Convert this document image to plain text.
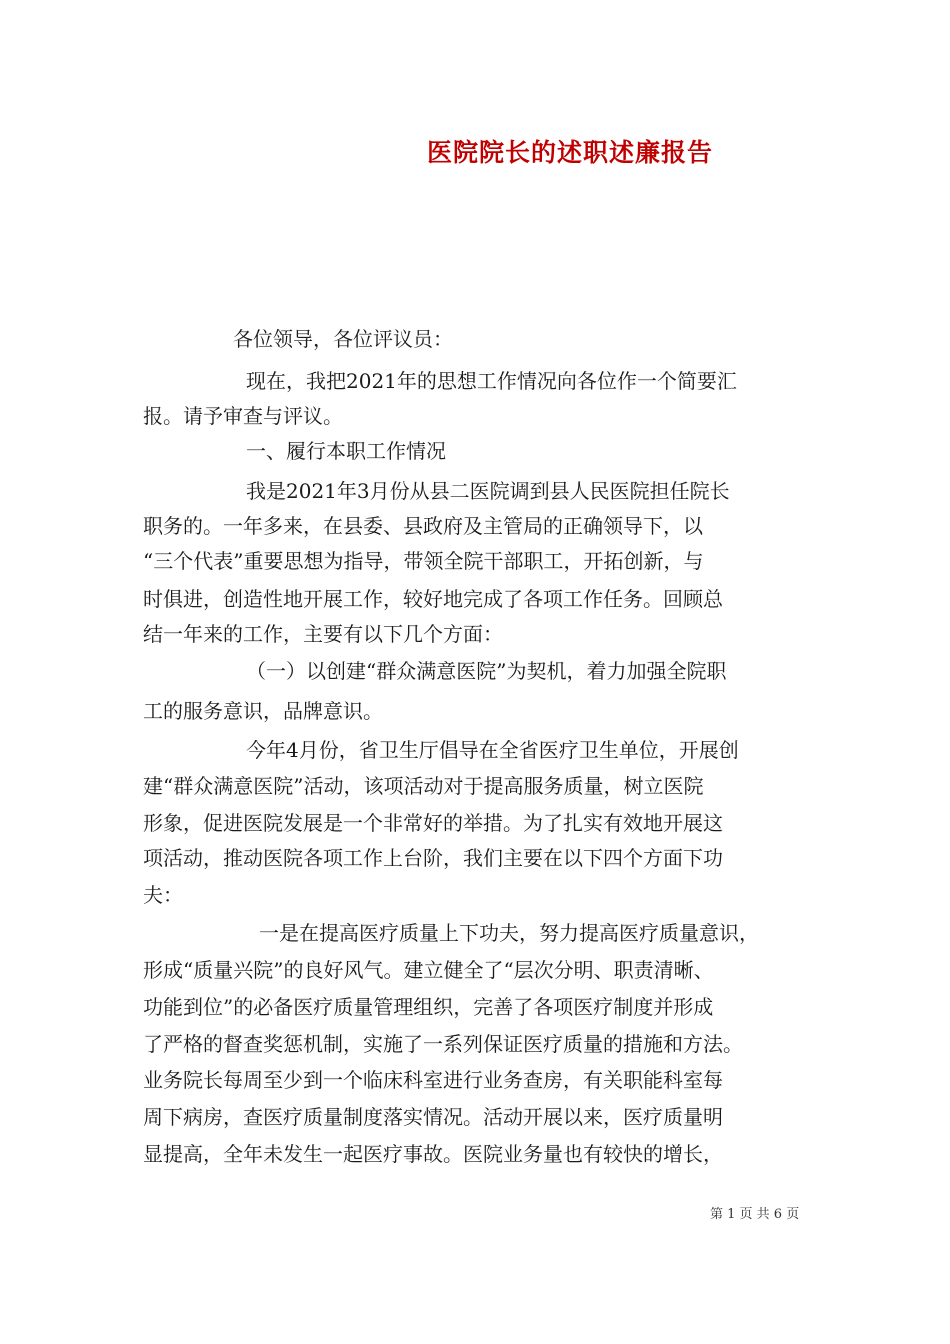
医院院长的述职述廉报告
各位领导，各位评议员：
现在，我把2021年的思想工作情况向各位作一个简要汇
报。请予审查与评议。
一、履行本职工作情况
我是2021年3月份从县二医院调到县人民医院担任院长
职务的。一年多来，在县委、县政府及主管局的正确领导下，以
“三个代表”重要思想为指导，带领全院干部职工，开拓创新，与
时俱进，创造性地开展工作，较好地完成了各项工作任务。回顾总
结一年来的工作，主要有以下几个方面：
（一）以创建“群众满意医院”为契机，着力加强全院职
工的服务意识，品牌意识。
今年4月份，省卫生厅倡导在全省医疗卫生单位，开展创
建“群众满意医院”活动，该项活动对于提高服务质量，树立医院
形象，促进医院发展是一个非常好的举措。为了扎实有效地开展这
项活动，推动医院各项工作上台阶，我们主要在以下四个方面下功
夫：
一是在提高医疗质量上下功夫，努力提高医疗质量意识，
形成“质量兴院”的良好风气。建立健全了“层次分明、职责清晰、
功能到位”的必备医疗质量管理组织，完善了各项医疗制度并形成
了严格的督查奖惩机制，实施了一系列保证医疗质量的措施和方法。
业务院长每周至少到一个临床科室进行业务查房，有关职能科室每
周下病房，查医疗质量制度落实情况。活动开展以来，医疗质量明
显提高，全年未发生一起医疗事故。医院业务量也有较快的增长，
第 1 页 共 6 页
